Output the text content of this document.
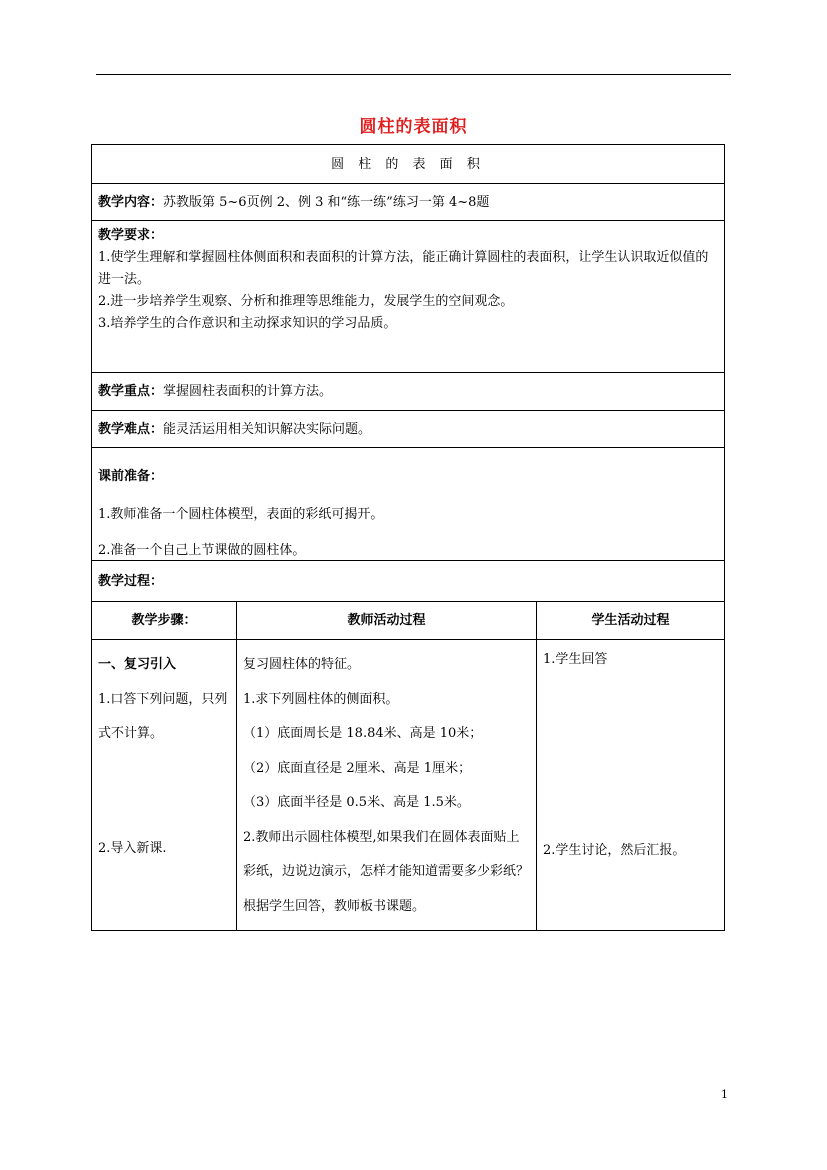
圆柱的表面积
圆 柱 的 表 面 积
教学内容：苏教版第 5~6页例 2、例 3 和“练一练”练习一第 4~8题
教学要求：
1.使学生理解和掌握圆柱体侧面积和表面积的计算方法，能正确计算圆柱的表面积，让学生认识取近似值的进一法。
2.进一步培养学生观察、分析和推理等思维能力，发展学生的空间观念。
3.培养学生的合作意识和主动探求知识的学习品质。
教学重点：掌握圆柱表面积的计算方法。
教学难点：能灵活运用相关知识解决实际问题。
课前准备：
1.教师准备一个圆柱体模型，表面的彩纸可揭开。
2.准备一个自己上节课做的圆柱体。
教学过程：
教学步骤：	教师活动过程	学生活动过程
一、复习引入
1.口答下列问题，只列式不计算。
2.导入新课.
复习圆柱体的特征。
1.求下列圆柱体的侧面积。
（1）底面周长是 18.84米、高是 10米；
（2）底面直径是 2厘米、高是 1厘米；
（3）底面半径是 0.5米、高是 1.5米。
2.教师出示圆柱体模型,如果我们在圆体表面贴上彩纸，边说边演示，怎样才能知道需要多少彩纸？根据学生回答，教师板书课题。
1.学生回答
2.学生讨论，然后汇报。
1
